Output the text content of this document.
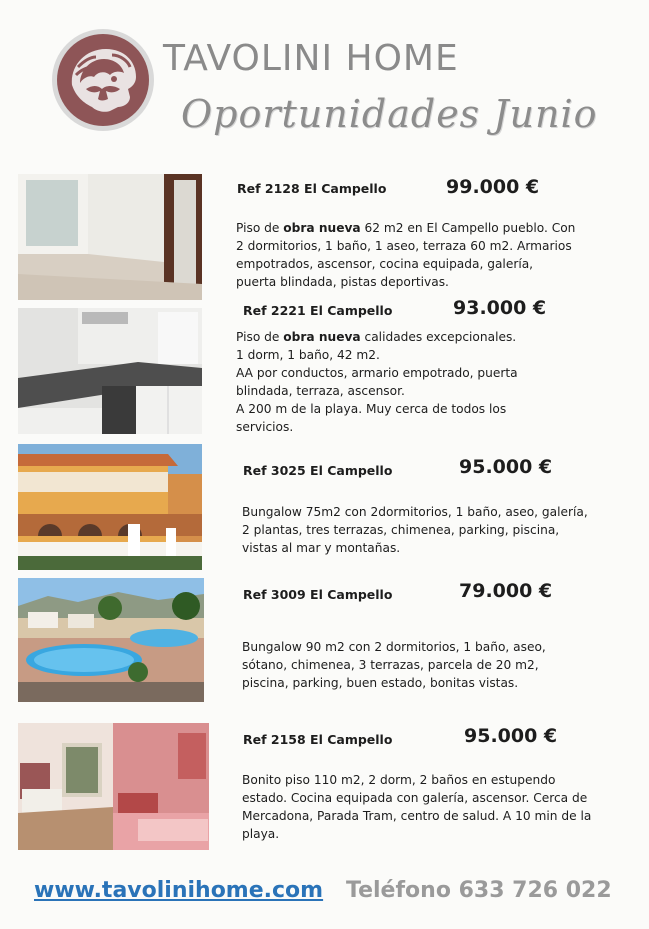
TAVOLINI HOME
Oportunidades Junio
Ref 2128 El Campello	99.000 €
Piso de obra nueva 62 m2 en El Campello pueblo. Con 2 dormitorios, 1 baño, 1 aseo, terraza 60 m2. Armarios empotrados, ascensor, cocina equipada, galería, puerta blindada, pistas deportivas.
Ref 2221 El Campello	93.000 €
Piso de obra nueva calidades excepcionales.
1 dorm, 1 baño, 42 m2.
AA por conductos, armario empotrado, puerta blindada, terraza, ascensor.
A 200 m de la playa. Muy cerca de todos los servicios.
Ref 3025 El Campello	95.000 €
Bungalow 75m2 con 2dormitorios, 1 baño, aseo, galería, 2 plantas, tres terrazas, chimenea, parking, piscina, vistas al mar y montañas.
Ref 3009 El Campello	79.000 €
Bungalow 90 m2 con 2 dormitorios, 1 baño, aseo, sótano, chimenea, 3 terrazas, parcela de 20 m2, piscina, parking, buen estado, bonitas vistas.
Ref 2158 El Campello	95.000 €
Bonito piso 110 m2, 2 dorm, 2 baños en estupendo estado. Cocina equipada con galería, ascensor. Cerca de Mercadona, Parada Tram, centro de salud. A 10 min de la playa.
www.tavolinihome.com Teléfono 633 726 022
